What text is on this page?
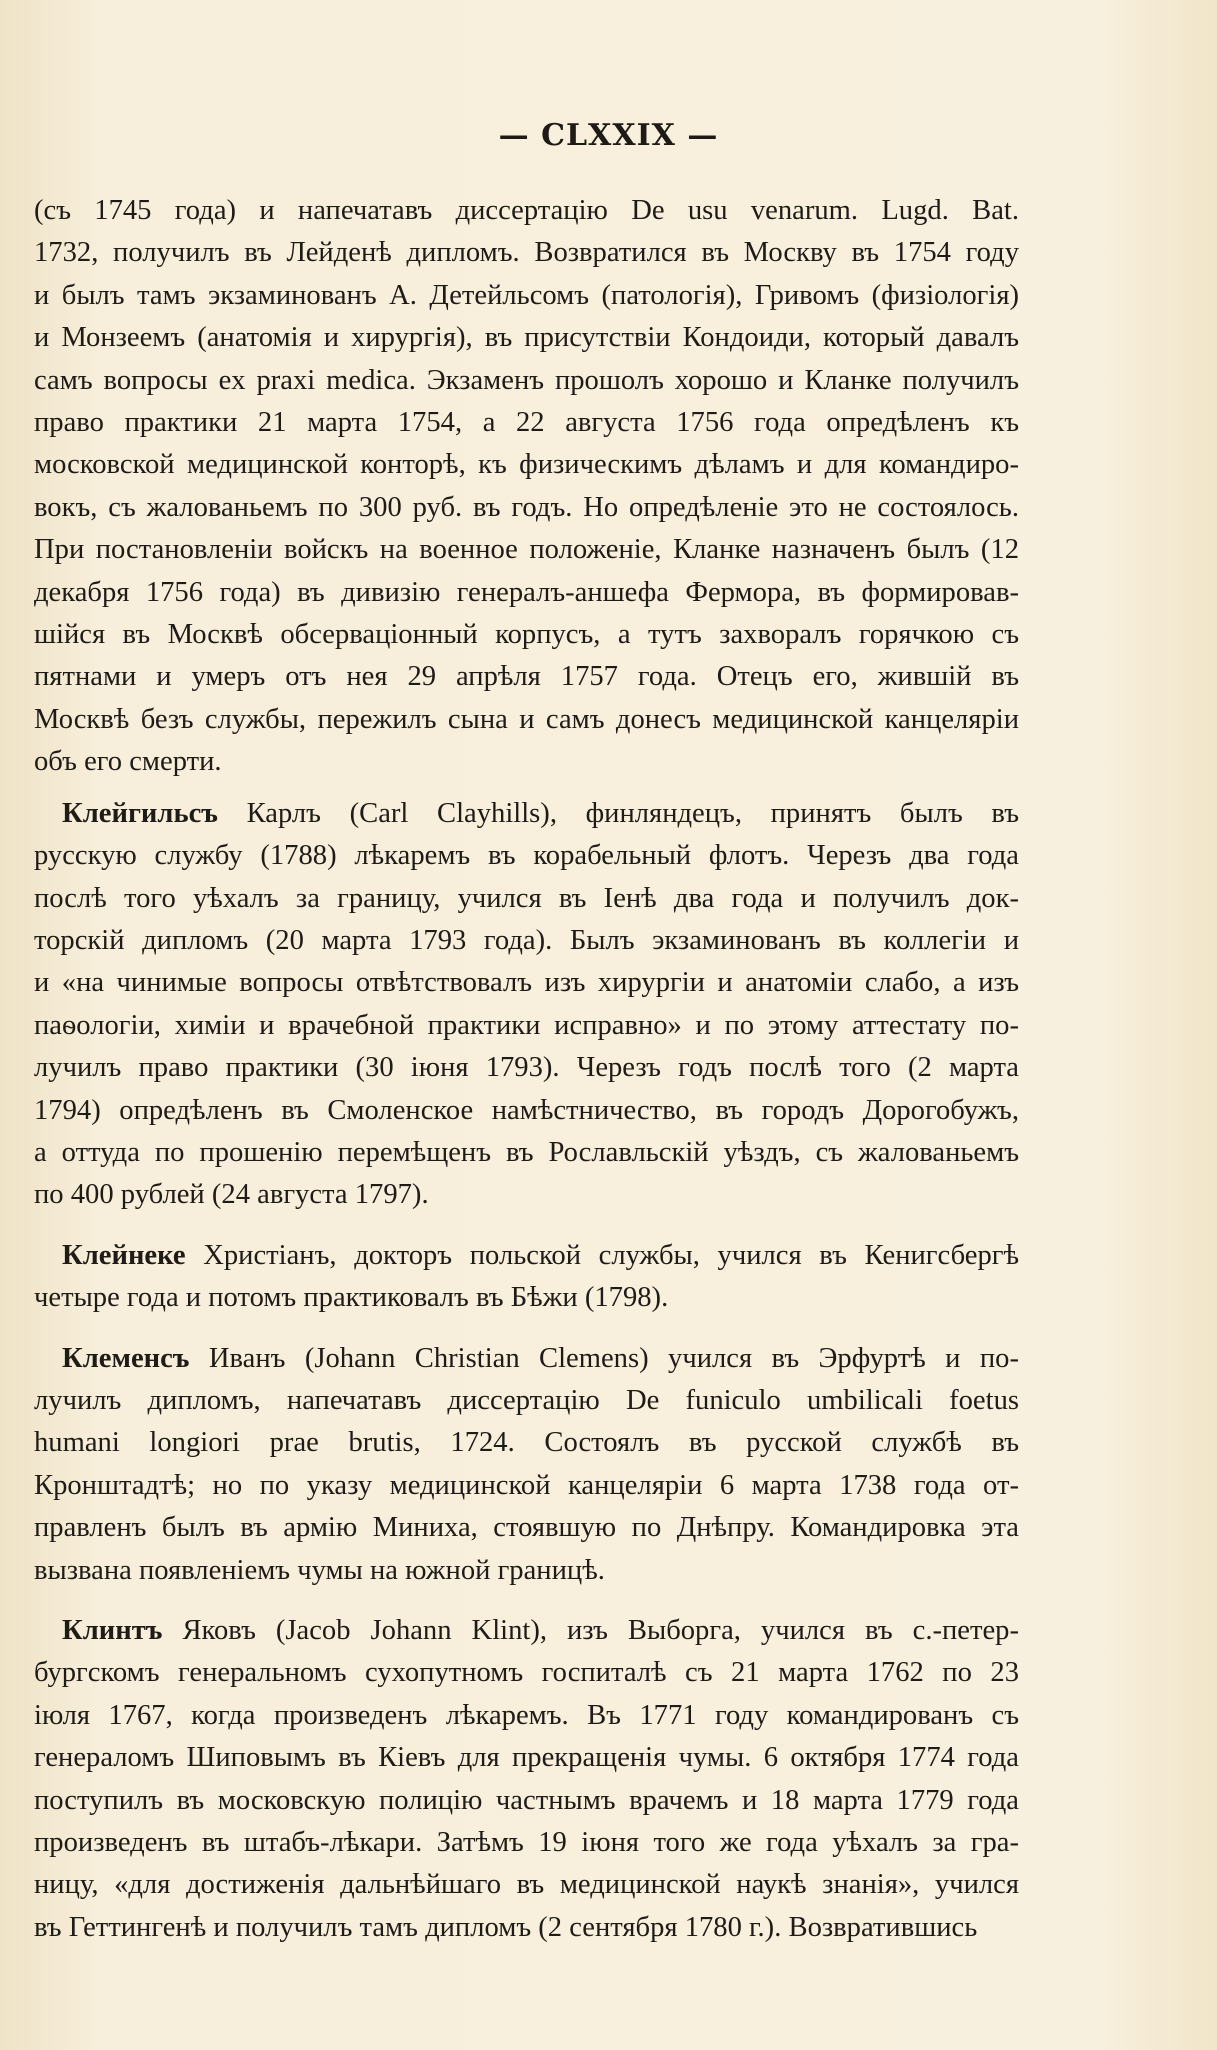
— CLXXIX —
(съ 1745 года) и напечатавъ диссертацію De usu venarum. Lugd. Bat.
1732, получилъ въ Лейденѣ дипломъ. Возвратился въ Москву въ 1754 году
и былъ тамъ экзаминованъ А. Детейльсомъ (патологія), Гривомъ (физіологія)
и Монзеемъ (анатомія и хирургія), въ присутствіи Кондоиди, который давалъ
самъ вопросы ex praxi medica. Экзаменъ прошолъ хорошо и Кланке получилъ
право практики 21 марта 1754, а 22 августа 1756 года опредѣленъ къ
московской медицинской конторѣ, къ физическимъ дѣламъ и для командиро-
вокъ, съ жалованьемъ по 300 руб. въ годъ. Но опредѣленіе это не состоялось.
При постановленіи войскъ на военное положеніе, Кланке назначенъ былъ (12
декабря 1756 года) въ дивизію генералъ-аншефа Фермора, въ формировав-
шійся въ Москвѣ обсерваціонный корпусъ, а тутъ захворалъ горячкою съ
пятнами и умеръ отъ нея 29 апрѣля 1757 года. Отецъ его, жившій въ
Москвѣ безъ службы, пережилъ сына и самъ донесъ медицинской канцеляріи
объ его смерти.
Клейгильсъ Карлъ (Carl Clayhills), финляндецъ, принятъ былъ въ
русскую службу (1788) лѣкаремъ въ корабельный флотъ. Черезъ два года
послѣ того уѣхалъ за границу, учился въ Іенѣ два года и получилъ док-
торскій дипломъ (20 марта 1793 года). Былъ экзаминованъ въ коллегіи и
и «на чинимые вопросы отвѣтствовалъ изъ хирургіи и анатоміи слабо, а изъ
паѳологіи, химіи и врачебной практики исправно» и по этому аттестату по-
лучилъ право практики (30 іюня 1793). Черезъ годъ послѣ того (2 марта
1794) опредѣленъ въ Смоленское намѣстничество, въ городъ Дорогобужъ,
а оттуда по прошенію перемѣщенъ въ Рославльскій уѣздъ, съ жалованьемъ
по 400 рублей (24 августа 1797).
Клейнеке Христіанъ, докторъ польской службы, учился въ Кенигсбергѣ
четыре года и потомъ практиковалъ въ Бѣжи (1798).
Клеменсъ Иванъ (Johann Christian Clemens) учился въ Эрфуртѣ и по-
лучилъ дипломъ, напечатавъ диссертацію De funiculo umbilicali foetus
humani longiori prae brutis, 1724. Состоялъ въ русской службѣ въ
Кронштадтѣ; но по указу медицинской канцеляріи 6 марта 1738 года от-
правленъ былъ въ армію Миниха, стоявшую по Днѣпру. Командировка эта
вызвана появленіемъ чумы на южной границѣ.
Клинтъ Яковъ (Jacob Johann Klint), изъ Выборга, учился въ с.-петер-
бургскомъ генеральномъ сухопутномъ госпиталѣ съ 21 марта 1762 по 23
іюля 1767, когда произведенъ лѣкаремъ. Въ 1771 году командированъ съ
генераломъ Шиповымъ въ Кіевъ для прекращенія чумы. 6 октября 1774 года
поступилъ въ московскую полицію частнымъ врачемъ и 18 марта 1779 года
произведенъ въ штабъ-лѣкари. Затѣмъ 19 іюня того же года уѣхалъ за гра-
ницу, «для достиженія дальнѣйшаго въ медицинской наукѣ знанія», учился
въ Геттингенѣ и получилъ тамъ дипломъ (2 сентября 1780 г.). Возвратившись
